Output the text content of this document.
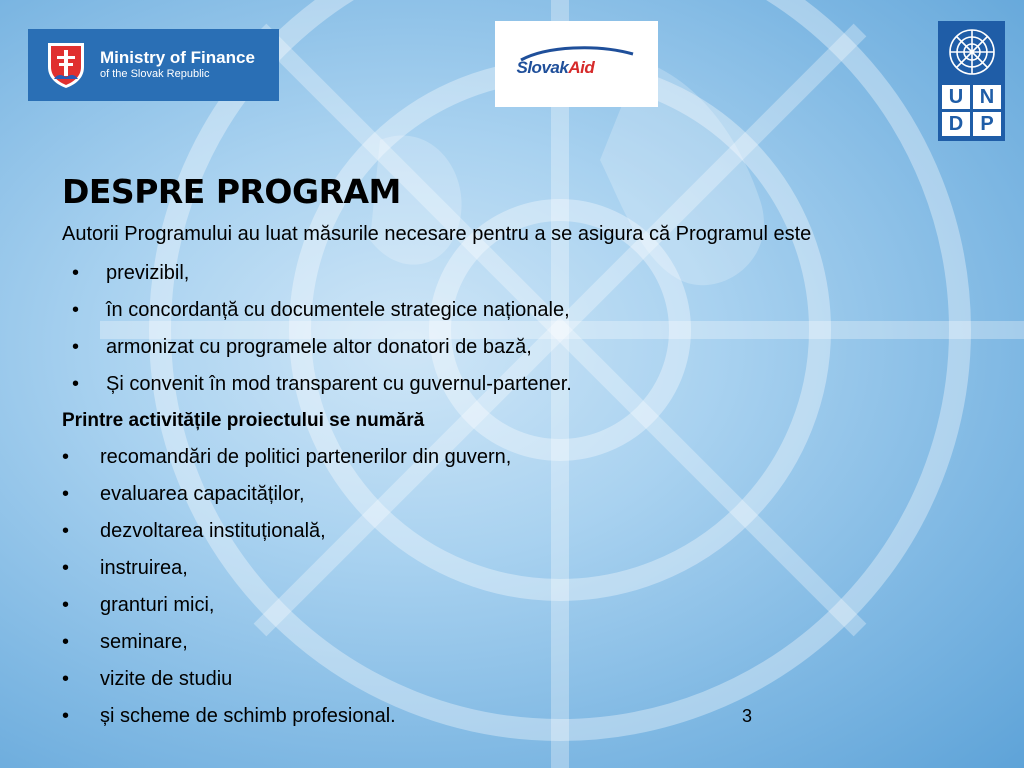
Ministry of Finance
of the Slovak Republic	SlovakAid
U N
D P
DESPRE PROGRAM

Autorii Programului au luat măsurile necesare pentru a se asigura că Programul este

•	previzibil,
•	în concordanță cu documentele strategice naționale,
•	armonizat cu programele altor donatori de bază,
•	Și convenit în mod transparent cu guvernul-partener.
Printre activitățile proiectului se numără
•	recomandări de politici partenerilor din guvern,
•	evaluarea capacităților,
•	dezvoltarea instituțională,
•	instruirea,
•	granturi mici,
•	seminare,
•	vizite de studiu
•	și scheme de schimb profesional.	3
